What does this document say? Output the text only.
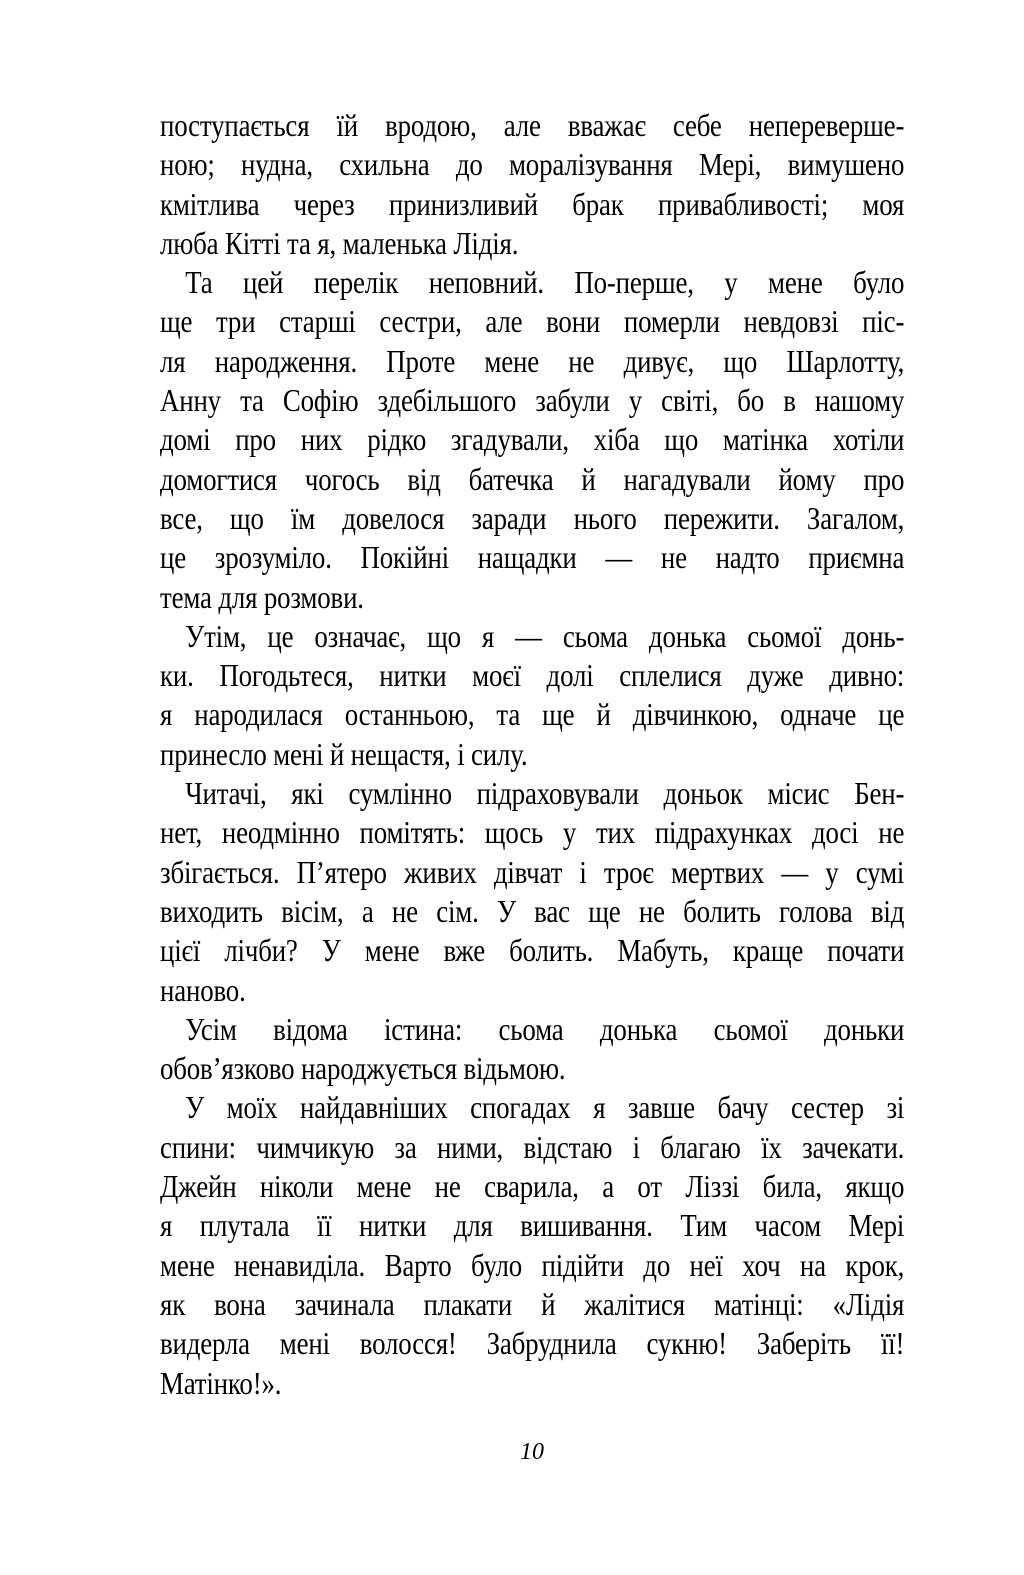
поступається їй вродою, але вважає себе непереверше-
ною; нудна, схильна до моралізування Мері, вимушено
кмітлива через принизливий брак привабливості; моя
люба Кітті та я, маленька Лідія.
Та цей перелік неповний. По-перше, у мене було
ще три старші сестри, але вони померли невдовзі піс-
ля народження. Проте мене не дивує, що Шарлотту,
Анну та Софію здебільшого забули у світі, бо в нашому
домі про них рідко згадували, хіба що матінка хотіли
домогтися чогось від батечка й нагадували йому про
все, що їм довелося заради нього пережити. Загалом,
це зрозуміло. Покійні нащадки — не надто приємна
тема для розмови.
Утім, це означає, що я — сьома донька сьомої донь-
ки. Погодьтеся, нитки моєї долі сплелися дуже дивно:
я народилася останньою, та ще й дівчинкою, одначе це
принесло мені й нещастя, і силу.
Читачі, які сумлінно підраховували доньок місис Бен-
нет, неодмінно помітять: щось у тих підрахунках досі не
збігається. П’ятеро живих дівчат і троє мертвих — у сумі
виходить вісім, а не сім. У вас ще не болить голова від
цієї лічби? У мене вже болить. Мабуть, краще почати
наново.
Усім відома істина: сьома донька сьомої доньки
обов’язково народжується відьмою.
У моїх найдавніших спогадах я завше бачу сестер зі
спини: чимчикую за ними, відстаю і благаю їх зачекати.
Джейн ніколи мене не сварила, а от Ліззі била, якщо
я плутала її нитки для вишивання. Тим часом Мері
мене ненавиділа. Варто було підійти до неї хоч на крок,
як вона зачинала плакати й жалітися матінці: «Лідія
видерла мені волосся! Забруднила сукню! Заберіть її!
Матінко!».
10
